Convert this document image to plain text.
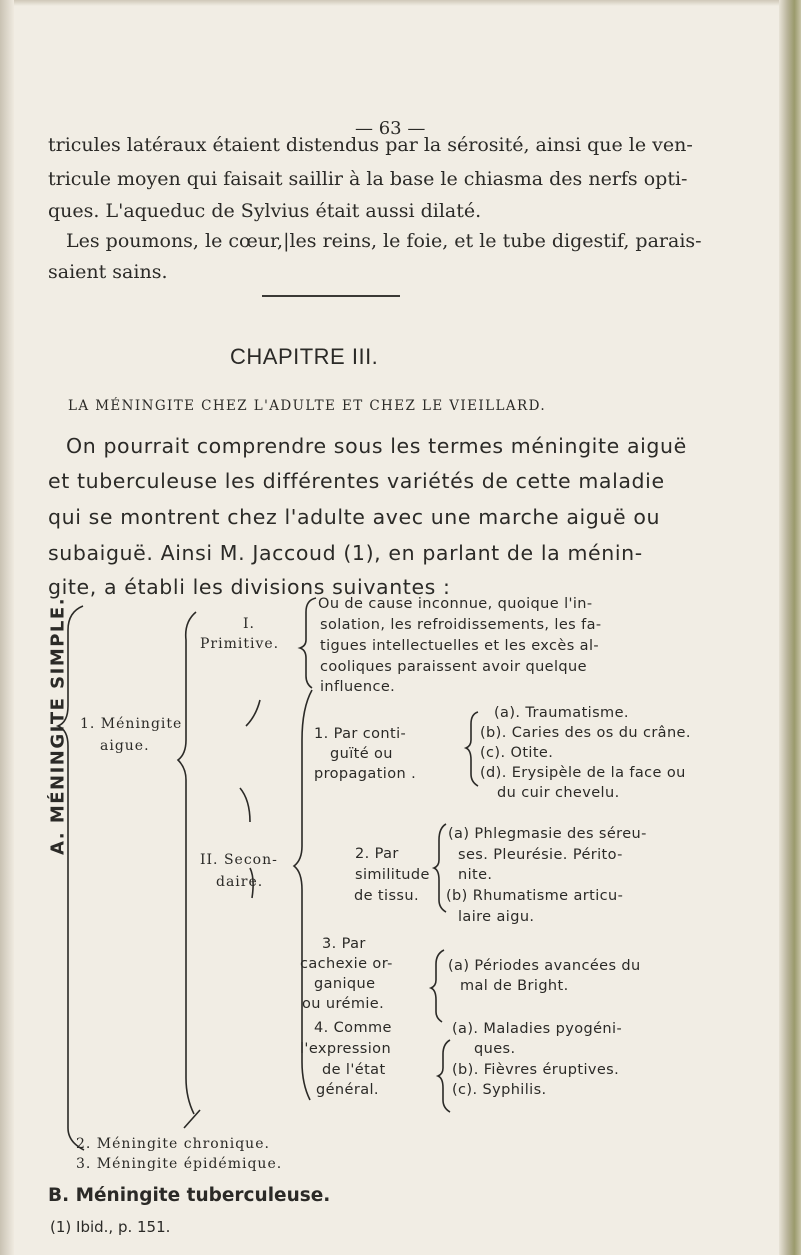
— 63 —
tricules latéraux étaient distendus par la sérosité, ainsi que le ven-
tricule moyen qui faisait saillir à la base le chiasma des nerfs opti-
ques. L'aqueduc de Sylvius était aussi dilaté.
Les poumons, le cœur,|les reins, le foie, et le tube digestif, parais-
saient sains.
CHAPITRE III.
LA MÉNINGITE CHEZ L'ADULTE ET CHEZ LE VIEILLARD.
On pourrait comprendre sous les termes méningite aiguë
et tuberculeuse les différentes variétés de cette maladie
qui se montrent chez l'adulte avec une marche aiguë ou
subaiguë. Ainsi M. Jaccoud (1), en parlant de la ménin-
gite, a établi les divisions suivantes :
A. MÉNINGITE SIMPLE. 1. Méningite
aigue.
I.
Primitive.
Ou de cause inconnue, quoique l'in-
solation, les refroidissements, les fa-
tigues intellectuelles et les excès al-
cooliques paraissent avoir quelque
influence.
II. Secon-
daire.
1. Par conti-
guïté ou
propagation .
(a). Traumatisme.
(b). Caries des os du crâne.
(c). Otite.
(d). Erysipèle de la face ou
du cuir chevelu.
2. Par
similitude
de tissu.
(a) Phlegmasie des séreu-
ses. Pleurésie. Périto-
nite.
(b) Rhumatisme articu-
laire aigu.
3. Par
cachexie or-
ganique
ou urémie.
(a) Périodes avancées du
mal de Bright.
4. Comme
l'expression
de l'état
général.
(a). Maladies pyogéni-
ques.
(b). Fièvres éruptives.
(c). Syphilis.
2. Méningite chronique.
3. Méningite épidémique.
B. Méningite tuberculeuse.
(1) Ibid., p. 151.
